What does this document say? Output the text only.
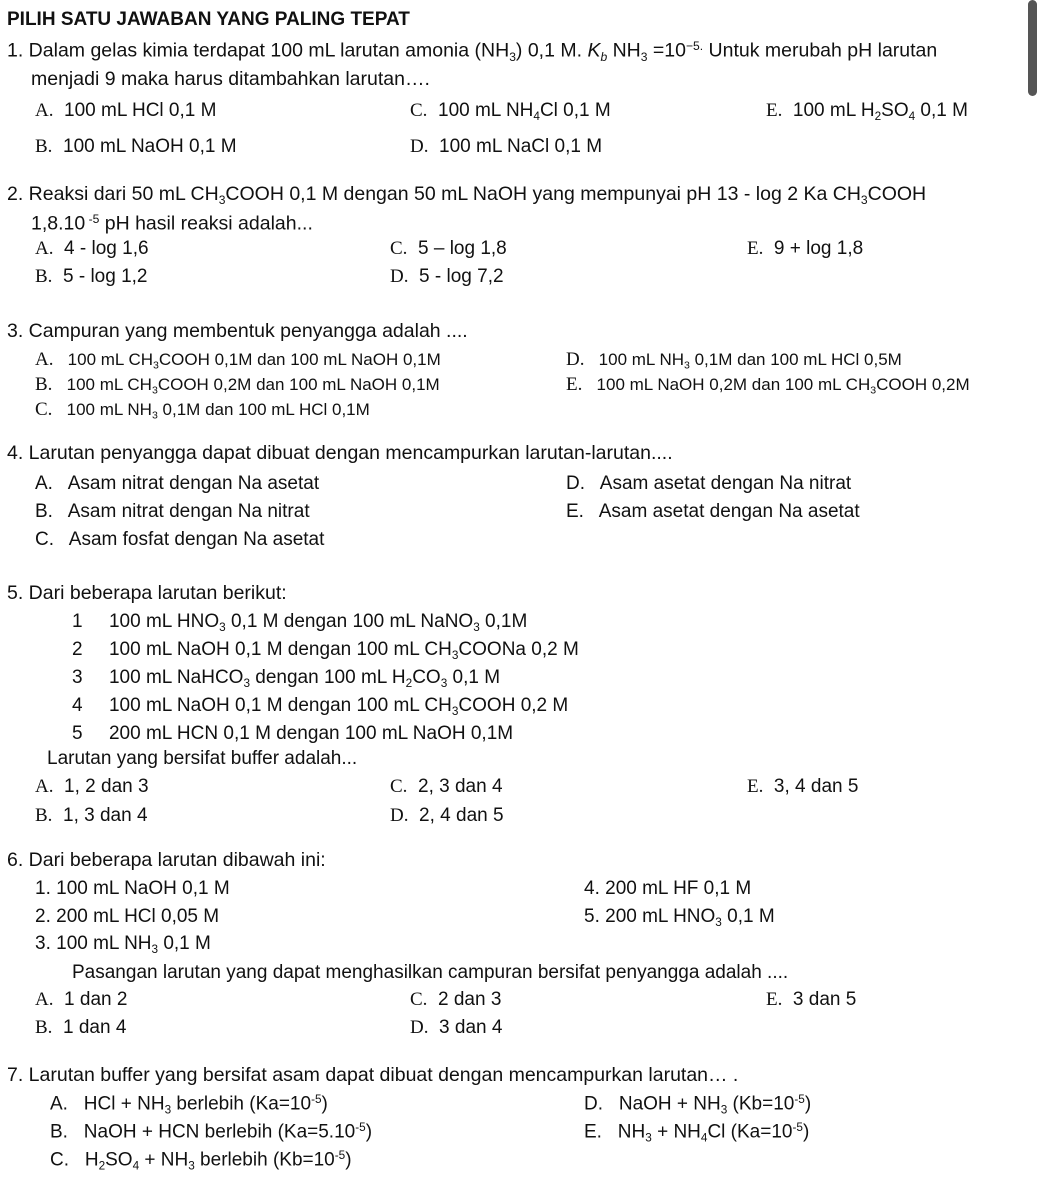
PILIH SATU JAWABAN YANG PALING TEPAT
1. Dalam gelas kimia terdapat 100 mL larutan amonia $(NH_3)$ 0,1 M. $K_b$ $NH_3 =10^{-5.}$ Untuk merubah pH larutan
menjadi 9 maka harus ditambahkan larutan….
A. 100 mL HCl 0,1 M	C. 100 mL $NH_4Cl$ 0,1 M	E. 100 mL $H_2SO_4$ 0,1 M
B. 100 mL NaOH 0,1 M	D. 100 mL NaCl 0,1 M
2. Reaksi dari 50 mL $CH_3COOH$ 0,1 M dengan 50 mL NaOH yang mempunyai pH 13 - log 2 Ka $CH_3COOH$
1,8.10 $^{-5}$ pH hasil reaksi adalah...
A. 4 - log 1,6	C. 5 – log 1,8	E. 9 + log 1,8
B. 5 - log 1,2	D. 5 - log 7,2
3. Campuran yang membentuk penyangga adalah ....
A. 100 mL $CH_3COOH$ 0,1M dan 100 mL NaOH 0,1M	D. 100 mL $NH_3$ 0,1M dan 100 mL HCl 0,5M
B. 100 mL $CH_3COOH$ 0,2M dan 100 mL NaOH 0,1M	E. 100 mL NaOH 0,2M dan 100 mL $CH_3COOH$ 0,2M
C. 100 mL $NH_3$ 0,1M dan 100 mL HCl 0,1M
4. Larutan penyangga dapat dibuat dengan mencampurkan larutan-larutan....
A. Asam nitrat dengan Na asetat	D. Asam asetat dengan Na nitrat
B. Asam nitrat dengan Na nitrat	E. Asam asetat dengan Na asetat
C. Asam fosfat dengan Na asetat
5. Dari beberapa larutan berikut:
1 100 mL $HNO_3$ 0,1 M dengan 100 mL NaNO$_3$ 0,1M
2 100 mL NaOH 0,1 M dengan 100 mL $CH_3COONa$ 0,2 M
3 100 mL NaHCO$_3$ dengan 100 mL $H_2CO_3$ 0,1 M
4 100 mL NaOH 0,1 M dengan 100 mL $CH_3COOH$ 0,2 M
5 200 mL HCN 0,1 M dengan 100 mL NaOH 0,1M
Larutan yang bersifat buffer adalah...
A. 1, 2 dan 3	C. 2, 3 dan 4	E. 3, 4 dan 5
B. 1, 3 dan 4	D. 2, 4 dan 5
6. Dari beberapa larutan dibawah ini:
1. 100 mL NaOH 0,1 M	4. 200 mL HF 0,1 M
2. 200 mL HCl 0,05 M	5. 200 mL $HNO_3$ 0,1 M
3. 100 mL $NH_3$ 0,1 M
Pasangan larutan yang dapat menghasilkan campuran bersifat penyangga adalah ....
A. 1 dan 2	C. 2 dan 3	E. 3 dan 5
B. 1 dan 4	D. 3 dan 4
7. Larutan buffer yang bersifat asam dapat dibuat dengan mencampurkan larutan… .
A. HCl + $NH_3$ berlebih $(Ka=10^{-5})$	D. NaOH + $NH_3$ $(Kb=10^{-5})$
B. NaOH + HCN berlebih $(Ka=5.10^{-5})$	E. $NH_3 + NH_4Cl$ $(Ka=10^{-5})$
C. $H_2SO_4 + NH_3$ berlebih $(Kb=10^{-5})$
